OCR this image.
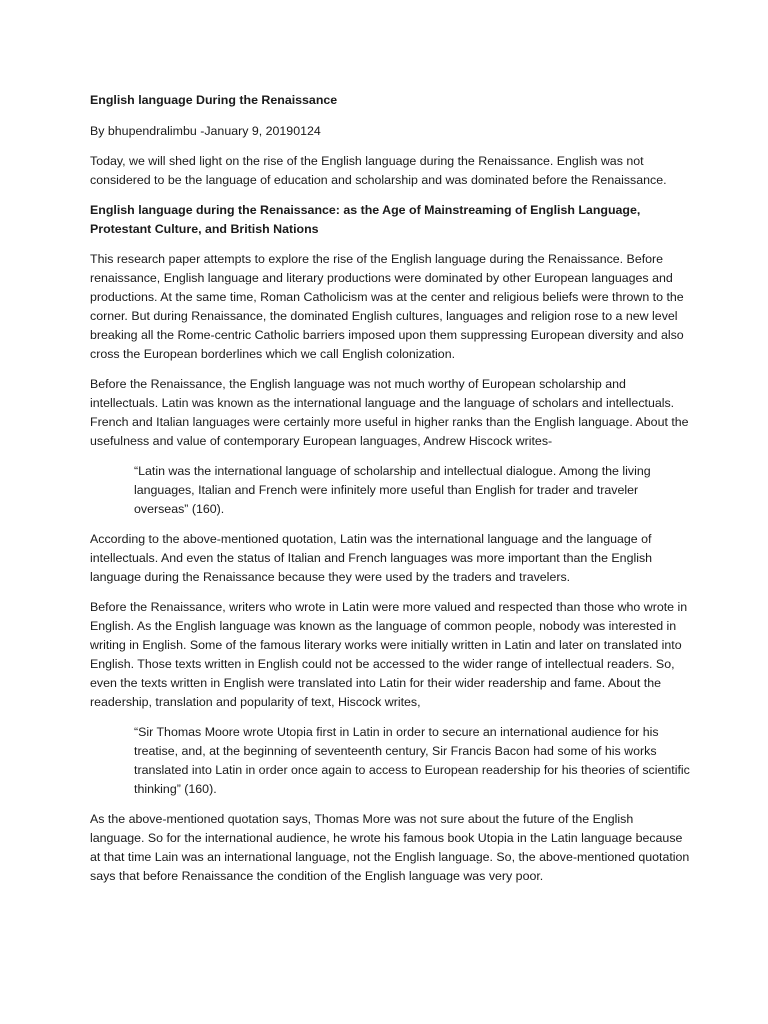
English language During the Renaissance

By bhupendralimbu -January 9, 20190124

Today, we will shed light on the rise of the English language during the Renaissance. English was not considered to be the language of education and scholarship and was dominated before the Renaissance.

English language during the Renaissance: as the Age of Mainstreaming of English Language, Protestant Culture, and British Nations

This research paper attempts to explore the rise of the English language during the Renaissance. Before renaissance, English language and literary productions were dominated by other European languages and productions. At the same time, Roman Catholicism was at the center and religious beliefs were thrown to the corner. But during Renaissance, the dominated English cultures, languages and religion rose to a new level breaking all the Rome-centric Catholic barriers imposed upon them suppressing European diversity and also cross the European borderlines which we call English colonization.

Before the Renaissance, the English language was not much worthy of European scholarship and intellectuals. Latin was known as the international language and the language of scholars and intellectuals. French and Italian languages were certainly more useful in higher ranks than the English language. About the usefulness and value of contemporary European languages, Andrew Hiscock writes-

“Latin was the international language of scholarship and intellectual dialogue. Among the living languages, Italian and French were infinitely more useful than English for trader and traveler overseas” (160).

According to the above-mentioned quotation, Latin was the international language and the language of intellectuals. And even the status of Italian and French languages was more important than the English language during the Renaissance because they were used by the traders and travelers.

Before the Renaissance, writers who wrote in Latin were more valued and respected than those who wrote in English. As the English language was known as the language of common people, nobody was interested in writing in English. Some of the famous literary works were initially written in Latin and later on translated into English. Those texts written in English could not be accessed to the wider range of intellectual readers. So, even the texts written in English were translated into Latin for their wider readership and fame. About the readership, translation and popularity of text, Hiscock writes,

“Sir Thomas Moore wrote Utopia first in Latin in order to secure an international audience for his treatise, and, at the beginning of seventeenth century, Sir Francis Bacon had some of his works translated into Latin in order once again to access to European readership for his theories of scientific thinking” (160).

As the above-mentioned quotation says, Thomas More was not sure about the future of the English language. So for the international audience, he wrote his famous book Utopia in the Latin language because at that time Lain was an international language, not the English language. So, the above-mentioned quotation says that before Renaissance the condition of the English language was very poor.
